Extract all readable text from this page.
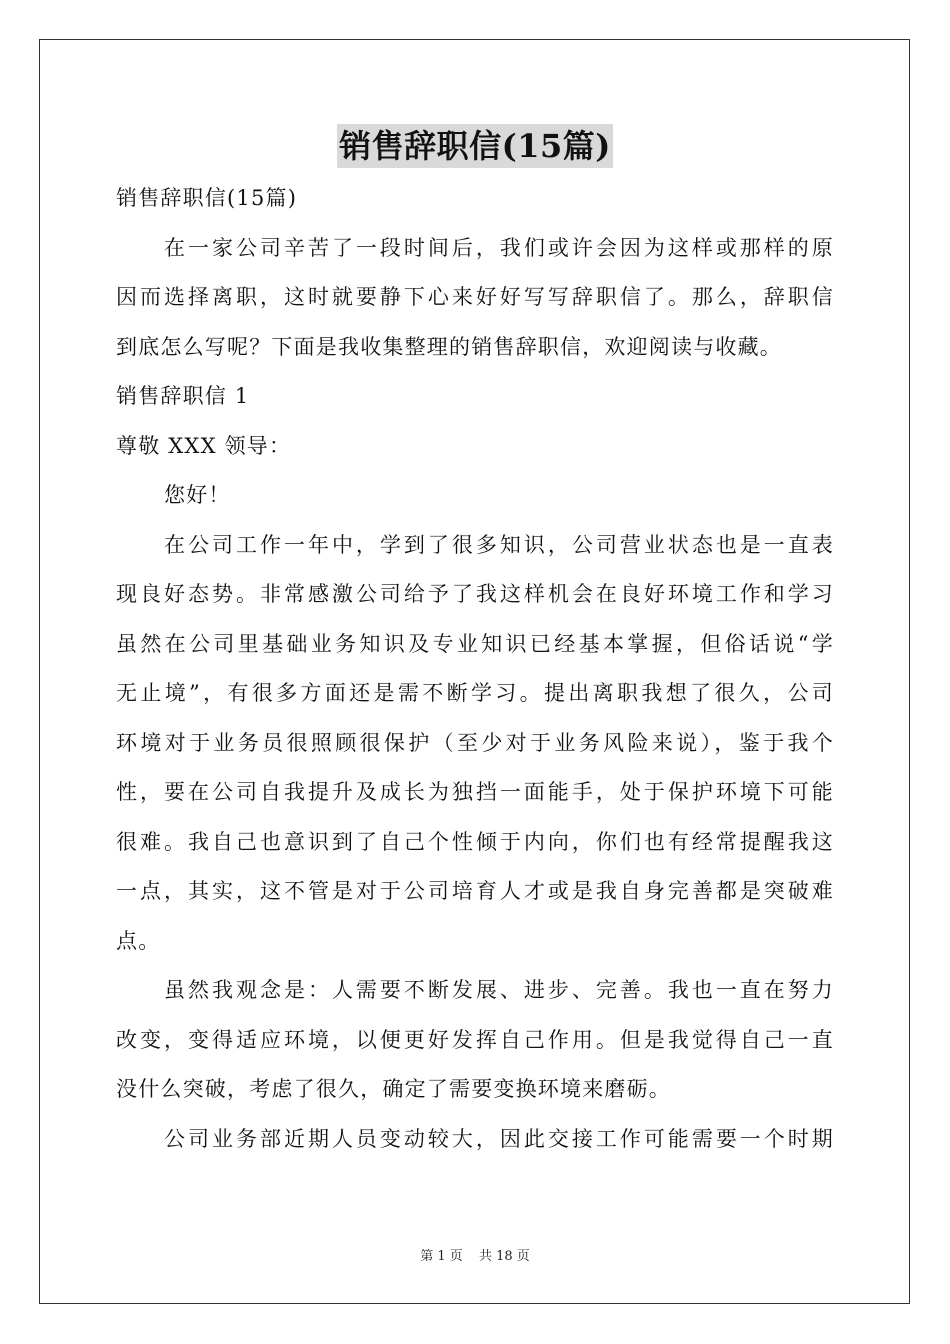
销售辞职信(15篇)
销售辞职信(15篇)
在一家公司辛苦了一段时间后，我们或许会因为这样或那样的原
因而选择离职，这时就要静下心来好好写写辞职信了。那么，辞职信
到底怎么写呢？下面是我收集整理的销售辞职信，欢迎阅读与收藏。
销售辞职信 1
尊敬 XXX 领导：
您好！
在公司工作一年中，学到了很多知识，公司营业状态也是一直表
现良好态势。非常感激公司给予了我这样机会在良好环境工作和学习
虽然在公司里基础业务知识及专业知识已经基本掌握，但俗话说“学
无止境”，有很多方面还是需不断学习。提出离职我想了很久，公司
环境对于业务员很照顾很保护（至少对于业务风险来说），鉴于我个
性，要在公司自我提升及成长为独挡一面能手，处于保护环境下可能
很难。我自己也意识到了自己个性倾于内向，你们也有经常提醒我这
一点，其实，这不管是对于公司培育人才或是我自身完善都是突破难
点。
虽然我观念是：人需要不断发展、进步、完善。我也一直在努力
改变，变得适应环境，以便更好发挥自己作用。但是我觉得自己一直
没什么突破，考虑了很久，确定了需要变换环境来磨砺。
公司业务部近期人员变动较大，因此交接工作可能需要一个时期
第 1 页 共 18 页
